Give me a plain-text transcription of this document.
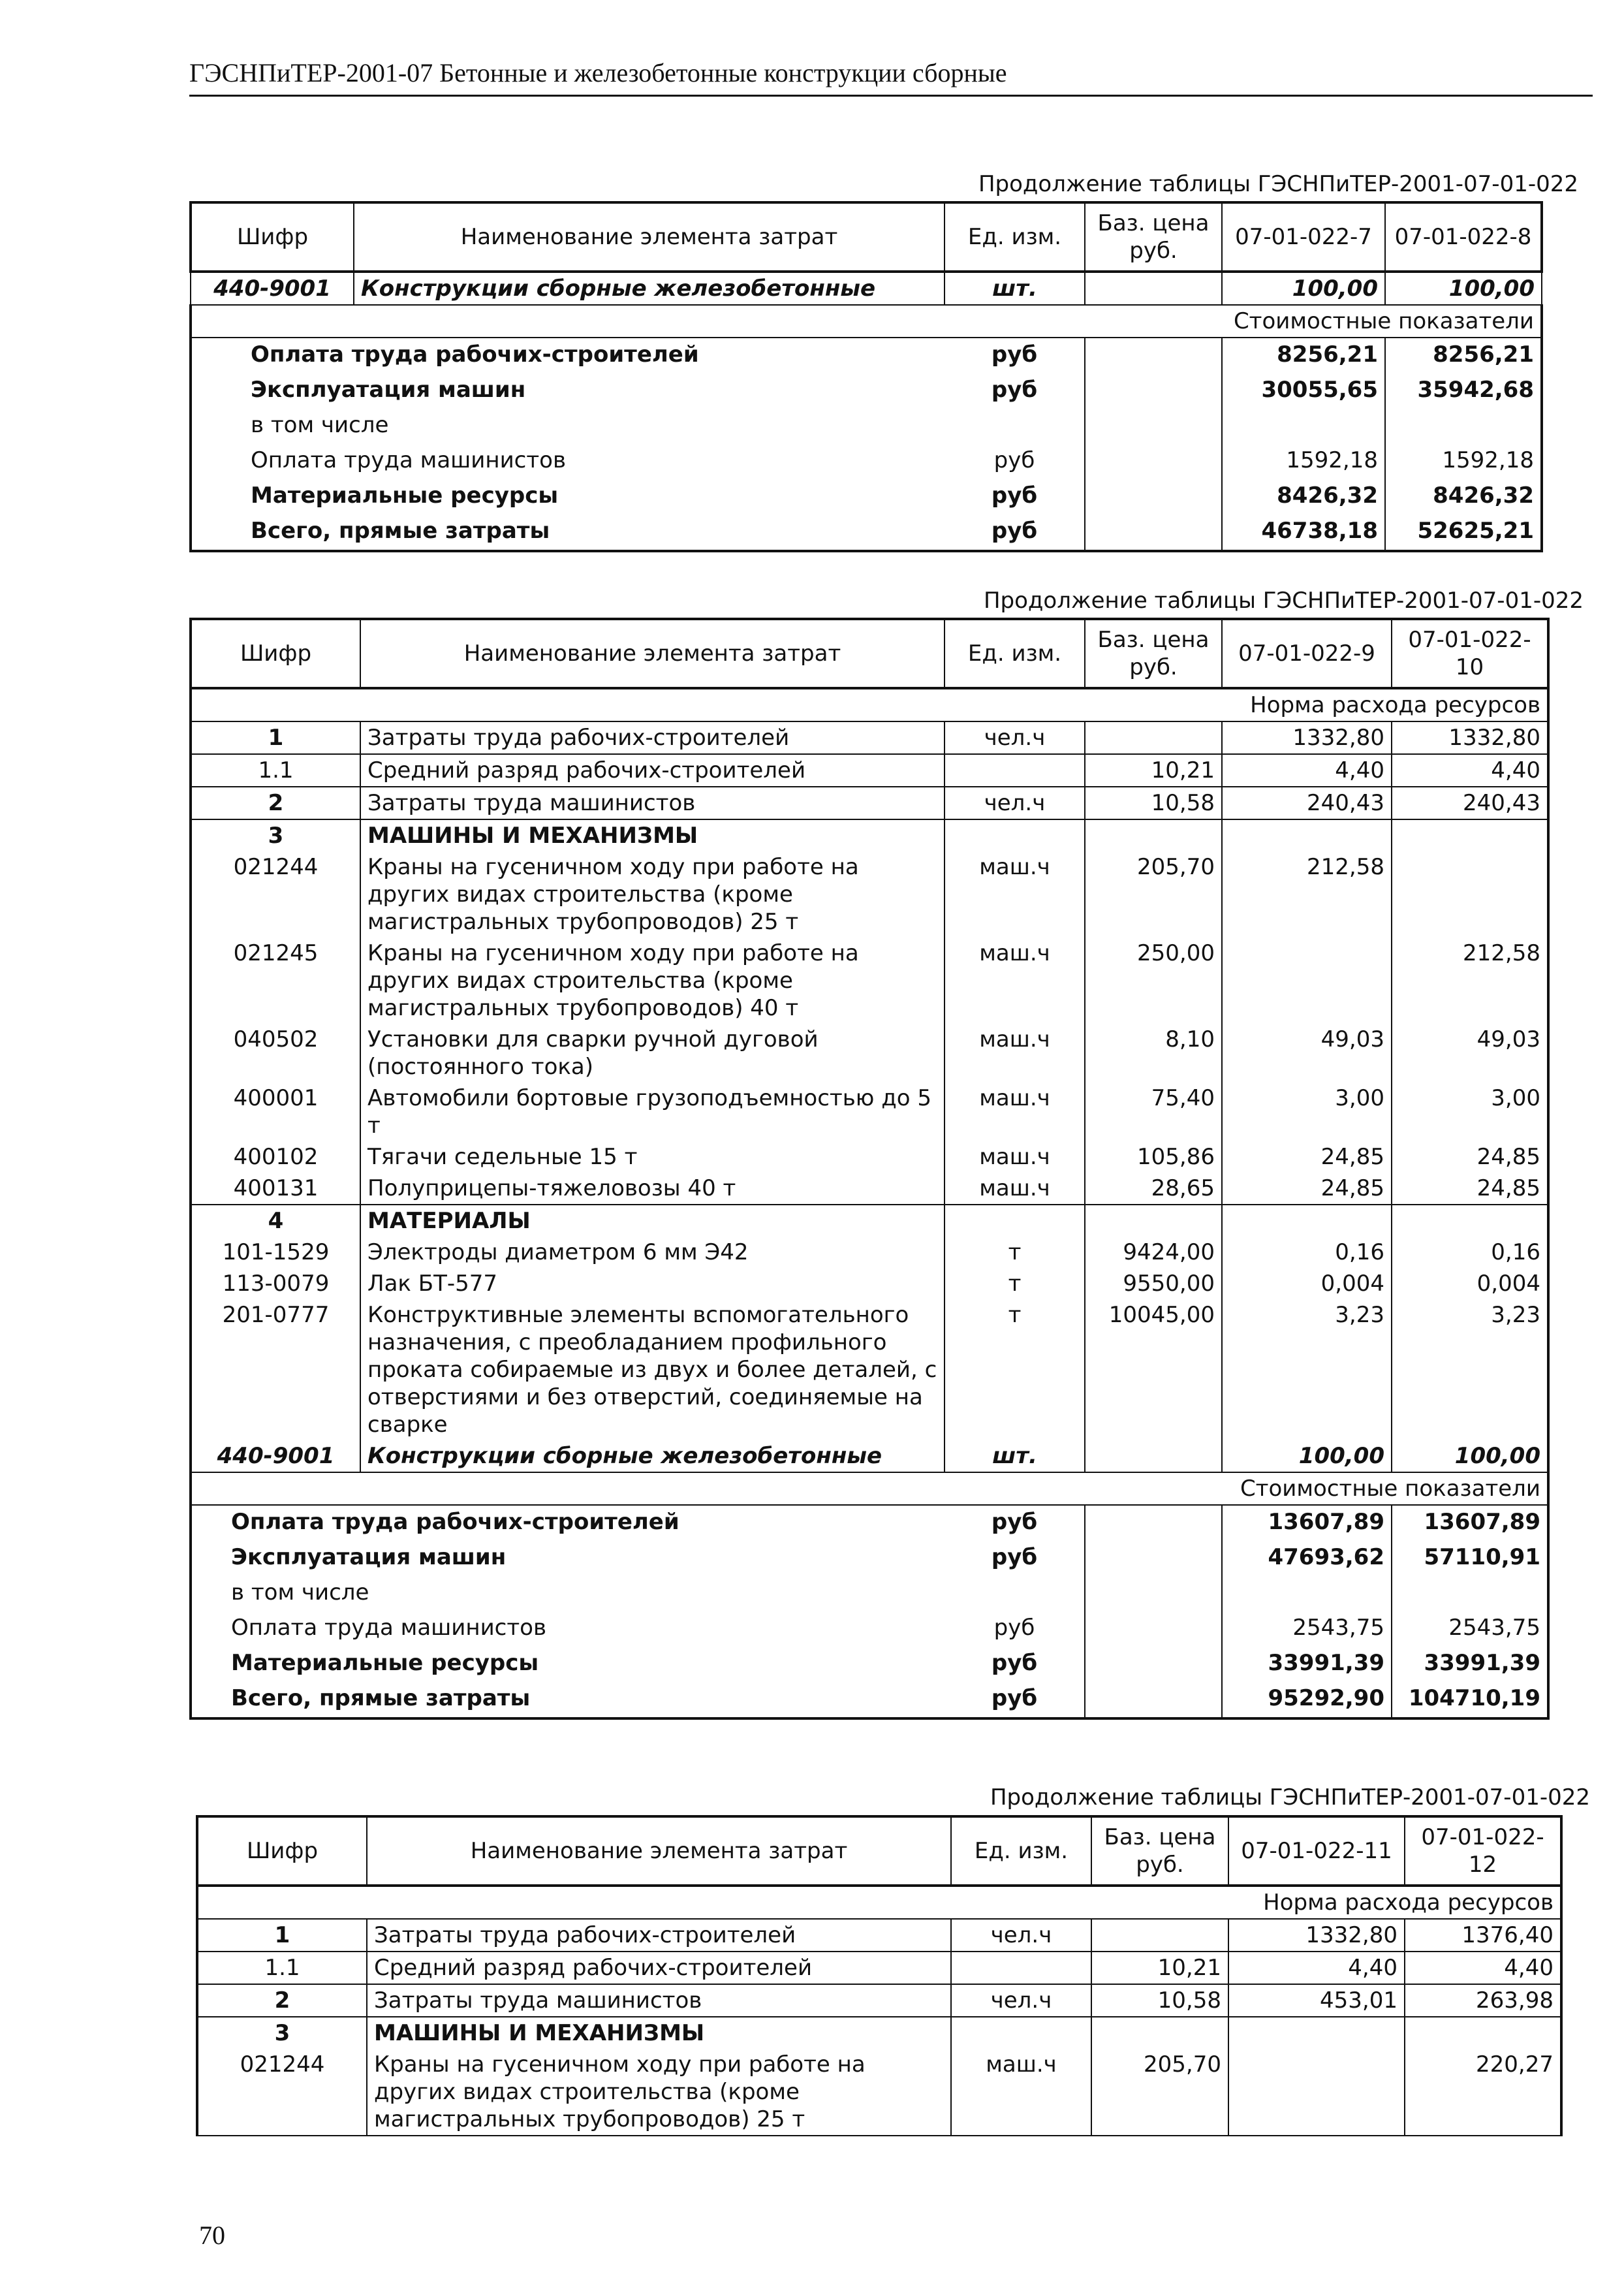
ГЭСНПиТЕР-2001-07 Бетонные и железобетонные конструкции сборные
Продолжение таблицы ГЭСНПиТЕР-2001-07-01-022
Шифр	Наименование элемента затрат	Ед. изм.	Баз. цена руб.	07-01-022-7	07-01-022-8
440-9001	Конструкции сборные железобетонные	шт.		100,00	100,00
Стоимостные показатели					
Оплата труда рабочих-строителей		руб		8256,21	8256,21
Эксплуатация машин		руб		30055,65	35942,68
в том числе					
Оплата труда машинистов		руб		1592,18	1592,18
Материальные ресурсы		руб		8426,32	8426,32
Всего, прямые затраты		руб		46738,18	52625,21
Продолжение таблицы ГЭСНПиТЕР-2001-07-01-022
Шифр	Наименование элемента затрат	Ед. изм.	Баз. цена руб.	07-01-022-9	07-01-022-10
Норма расхода ресурсов					
1	Затраты труда рабочих-строителей	чел.ч		1332,80	1332,80
1.1	Средний разряд рабочих-строителей		10,21	4,40	4,40
2	Затраты труда машинистов	чел.ч	10,58	240,43	240,43
3	МАШИНЫ И МЕХАНИЗМЫ				
021244	Краны на гусеничном ходу при работе на других видах строительства (кроме магистральных трубопроводов) 25 т	маш.ч	205,70	212,58	
021245	Краны на гусеничном ходу при работе на других видах строительства (кроме магистральных трубопроводов) 40 т	маш.ч	250,00		212,58
040502	Установки для сварки ручной дуговой (постоянного тока)	маш.ч	8,10	49,03	49,03
400001	Автомобили бортовые грузоподъемностью до 5 т	маш.ч	75,40	3,00	3,00
400102	Тягачи седельные 15 т	маш.ч	105,86	24,85	24,85
400131	Полуприцепы-тяжеловозы 40 т	маш.ч	28,65	24,85	24,85
4	МАТЕРИАЛЫ				
101-1529	Электроды диаметром 6 мм Э42	т	9424,00	0,16	0,16
113-0079	Лак БТ-577	т	9550,00	0,004	0,004
201-0777	Конструктивные элементы вспомогательного назначения, с преобладанием профильного проката собираемые из двух и более деталей, с отверстиями и без отверстий, соединяемые на сварке	т	10045,00	3,23	3,23
440-9001	Конструкции сборные железобетонные	шт.		100,00	100,00
Стоимостные показатели					
Оплата труда рабочих-строителей		руб		13607,89	13607,89
Эксплуатация машин		руб		47693,62	57110,91
в том числе					
Оплата труда машинистов		руб		2543,75	2543,75
Материальные ресурсы		руб		33991,39	33991,39
Всего, прямые затраты		руб		95292,90	104710,19
Продолжение таблицы ГЭСНПиТЕР-2001-07-01-022
Шифр	Наименование элемента затрат	Ед. изм.	Баз. цена руб.	07-01-022-11	07-01-022-12
Норма расхода ресурсов					
1	Затраты труда рабочих-строителей	чел.ч		1332,80	1376,40
1.1	Средний разряд рабочих-строителей		10,21	4,40	4,40
2	Затраты труда машинистов	чел.ч	10,58	453,01	263,98
3	МАШИНЫ И МЕХАНИЗМЫ				
021244	Краны на гусеничном ходу при работе на других видах строительства (кроме магистральных трубопроводов) 25 т	маш.ч	205,70		220,27
70
